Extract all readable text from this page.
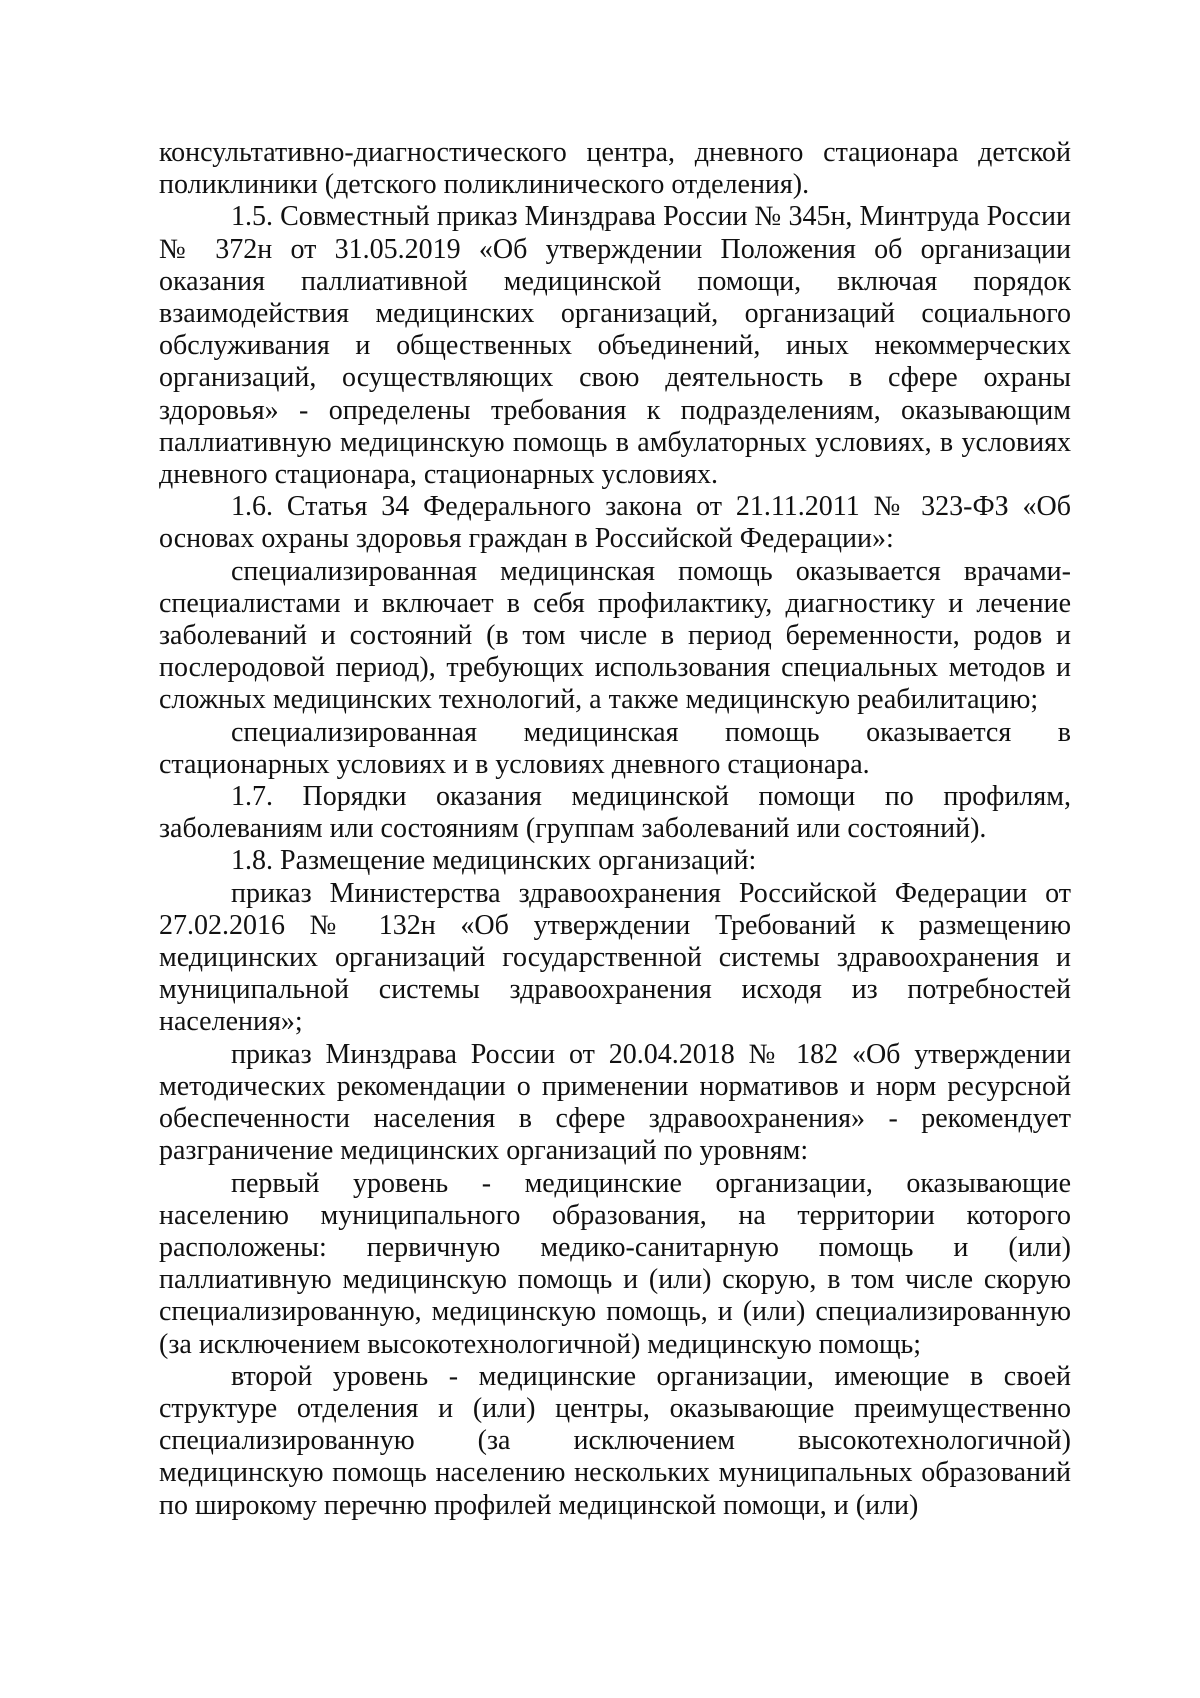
консультативно-диагностического центра, дневного стационара детской поликлиники (детского поликлинического отделения).

1.5. Совместный приказ Минздрава России № 345н, Минтруда России № 372н от 31.05.2019 «Об утверждении Положения об организации оказания паллиативной медицинской помощи, включая порядок взаимодействия медицинских организаций, организаций социального обслуживания и общественных объединений, иных некоммерческих организаций, осуществляющих свою деятельность в сфере охраны здоровья» - определены требования к подразделениям, оказывающим паллиативную медицинскую помощь в амбулаторных условиях, в условиях дневного стационара, стационарных условиях.

1.6. Статья 34 Федерального закона от 21.11.2011 № 323-ФЗ «Об основах охраны здоровья граждан в Российской Федерации»:

специализированная медицинская помощь оказывается врачами-специалистами и включает в себя профилактику, диагностику и лечение заболеваний и состояний (в том числе в период беременности, родов и послеродовой период), требующих использования специальных методов и сложных медицинских технологий, а также медицинскую реабилитацию;

специализированная медицинская помощь оказывается в стационарных условиях и в условиях дневного стационара.

1.7. Порядки оказания медицинской помощи по профилям, заболеваниям или состояниям (группам заболеваний или состояний).

1.8. Размещение медицинских организаций:

приказ Министерства здравоохранения Российской Федерации от 27.02.2016 № 132н «Об утверждении Требований к размещению медицинских организаций государственной системы здравоохранения и муниципальной системы здравоохранения исходя из потребностей населения»;

приказ Минздрава России от 20.04.2018 № 182 «Об утверждении методических рекомендации о применении нормативов и норм ресурсной обеспеченности населения в сфере здравоохранения» - рекомендует разграничение медицинских организаций по уровням:

первый уровень - медицинские организации, оказывающие населению муниципального образования, на территории которого расположены: первичную медико-санитарную помощь и (или) паллиативную медицинскую помощь и (или) скорую, в том числе скорую специализированную, медицинскую помощь, и (или) специализированную (за исключением высокотехнологичной) медицинскую помощь;

второй уровень - медицинские организации, имеющие в своей структуре отделения и (или) центры, оказывающие преимущественно специализированную (за исключением высокотехнологичной) медицинскую помощь населению нескольких муниципальных образований по широкому перечню профилей медицинской помощи, и (или)
